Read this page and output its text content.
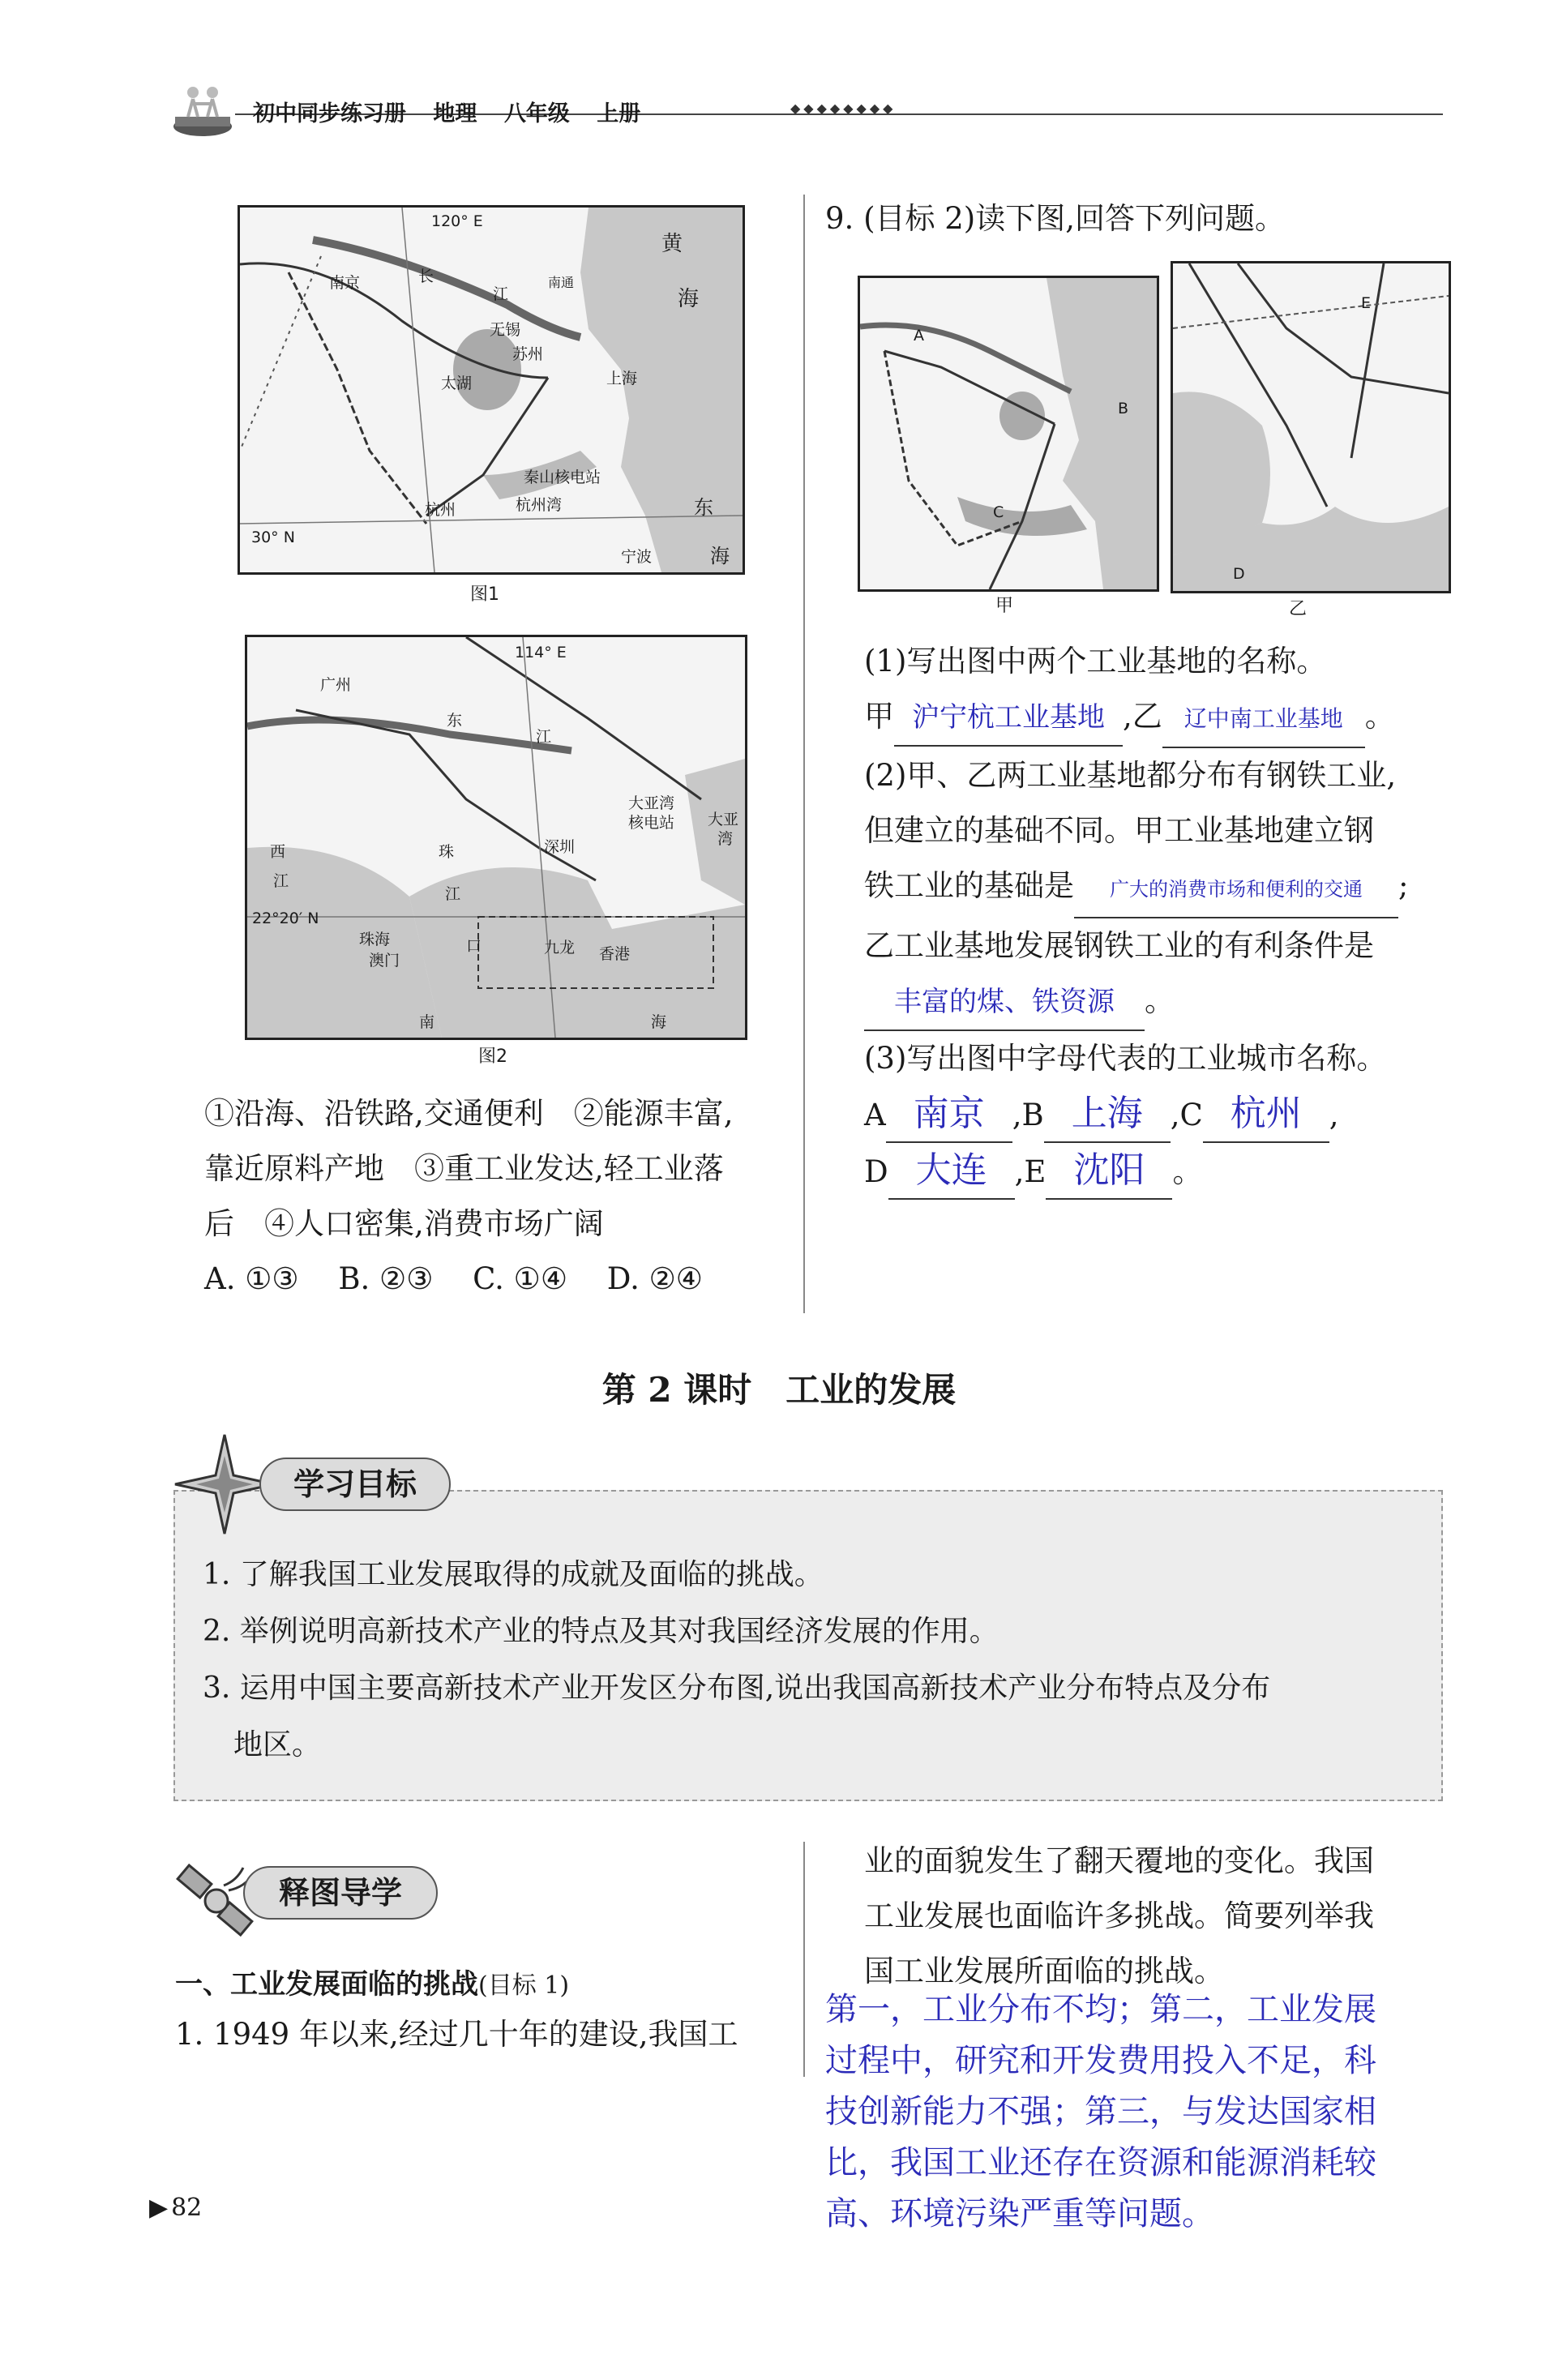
初中同步练习册 地理 八年级 上册	◆◆◆◆◆◆◆◆
120° E
30° N
南京	长
江
南通
黄
海
无锡
苏州
太湖	上海
秦山核电站
杭州	杭州湾	东
海
宁波
图1
114° E
22°20′ N
广州
东
江
大亚湾
核电站 大亚
湾
西
江
珠
江
口
深圳
珠海
澳门
九龙 香港
南	海
图2
①沿海、沿铁路,交通便利　②能源丰富,
靠近原料产地　③重工业发达,轻工业落
后　④人口密集,消费市场广阔
A. ①③　 B. ②③　 C. ①④　 D. ②④
9. (目标 2)读下图,回答下列问题。
A
B
C
甲
E
D
乙
(1)写出图中两个工业基地的名称。
甲 沪宁杭工业基地 ,乙 辽中南工业基地 。
(2)甲、乙两工业基地都分布有钢铁工业,
但建立的基础不同。甲工业基地建立钢
铁工业的基础是 广大的消费市场和便利的交通 ;
乙工业基地发展钢铁工业的有利条件是
丰富的煤、铁资源 。
(3)写出图中字母代表的工业城市名称。
A 南京 ,B 上海 ,C 杭州 ,
D 大连 ,E 沈阳 。
第 2 课时　工业的发展
学习目标
1. 了解我国工业发展取得的成就及面临的挑战。
2. 举例说明高新技术产业的特点及其对我国经济发展的作用。
3. 运用中国主要高新技术产业开发区分布图,说出我国高新技术产业分布特点及分布
地区。
释图导学
一、工业发展面临的挑战(目标 1)
1. 1949 年以来,经过几十年的建设,我国工
业的面貌发生了翻天覆地的变化。我国
工业发展也面临许多挑战。简要列举我
国工业发展所面临的挑战。
第一，工业分布不均；第二，工业发展
过程中，研究和开发费用投入不足，科
技创新能力不强；第三，与发达国家相
比，我国工业还存在资源和能源消耗较
高、环境污染严重等问题。
▶ 82
